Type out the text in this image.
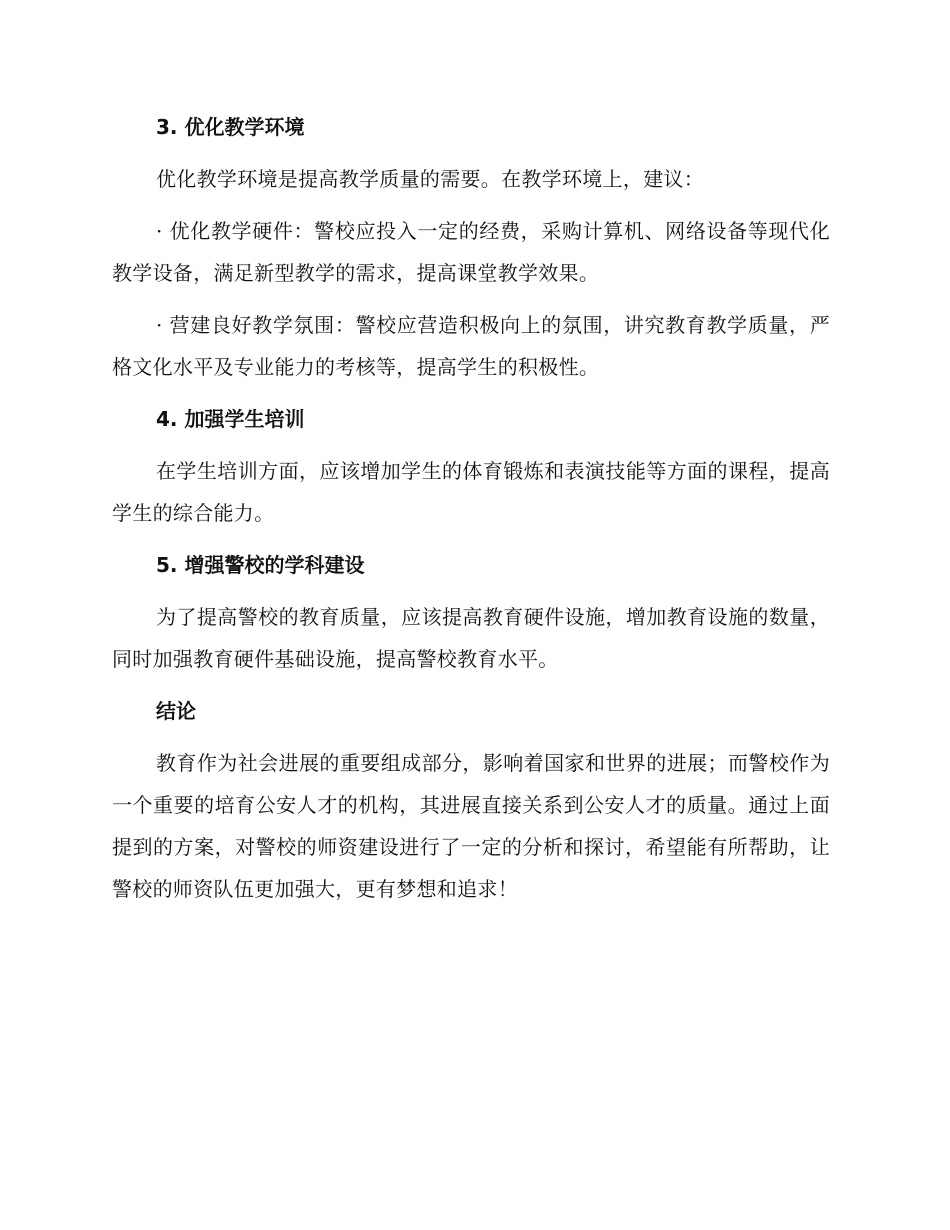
3. 优化教学环境

优化教学环境是提高教学质量的需要。在教学环境上，建议：

· 优化教学硬件：警校应投入一定的经费，采购计算机、网络设备等现代化教学设备，满足新型教学的需求，提高课堂教学效果。

· 营建良好教学氛围：警校应营造积极向上的氛围，讲究教育教学质量，严格文化水平及专业能力的考核等，提高学生的积极性。

4. 加强学生培训

在学生培训方面，应该增加学生的体育锻炼和表演技能等方面的课程，提高学生的综合能力。

5. 增强警校的学科建设

为了提高警校的教育质量，应该提高教育硬件设施，增加教育设施的数量，同时加强教育硬件基础设施，提高警校教育水平。

结论

教育作为社会进展的重要组成部分，影响着国家和世界的进展；而警校作为一个重要的培育公安人才的机构，其进展直接关系到公安人才的质量。通过上面提到的方案，对警校的师资建设进行了一定的分析和探讨，希望能有所帮助，让警校的师资队伍更加强大，更有梦想和追求！
